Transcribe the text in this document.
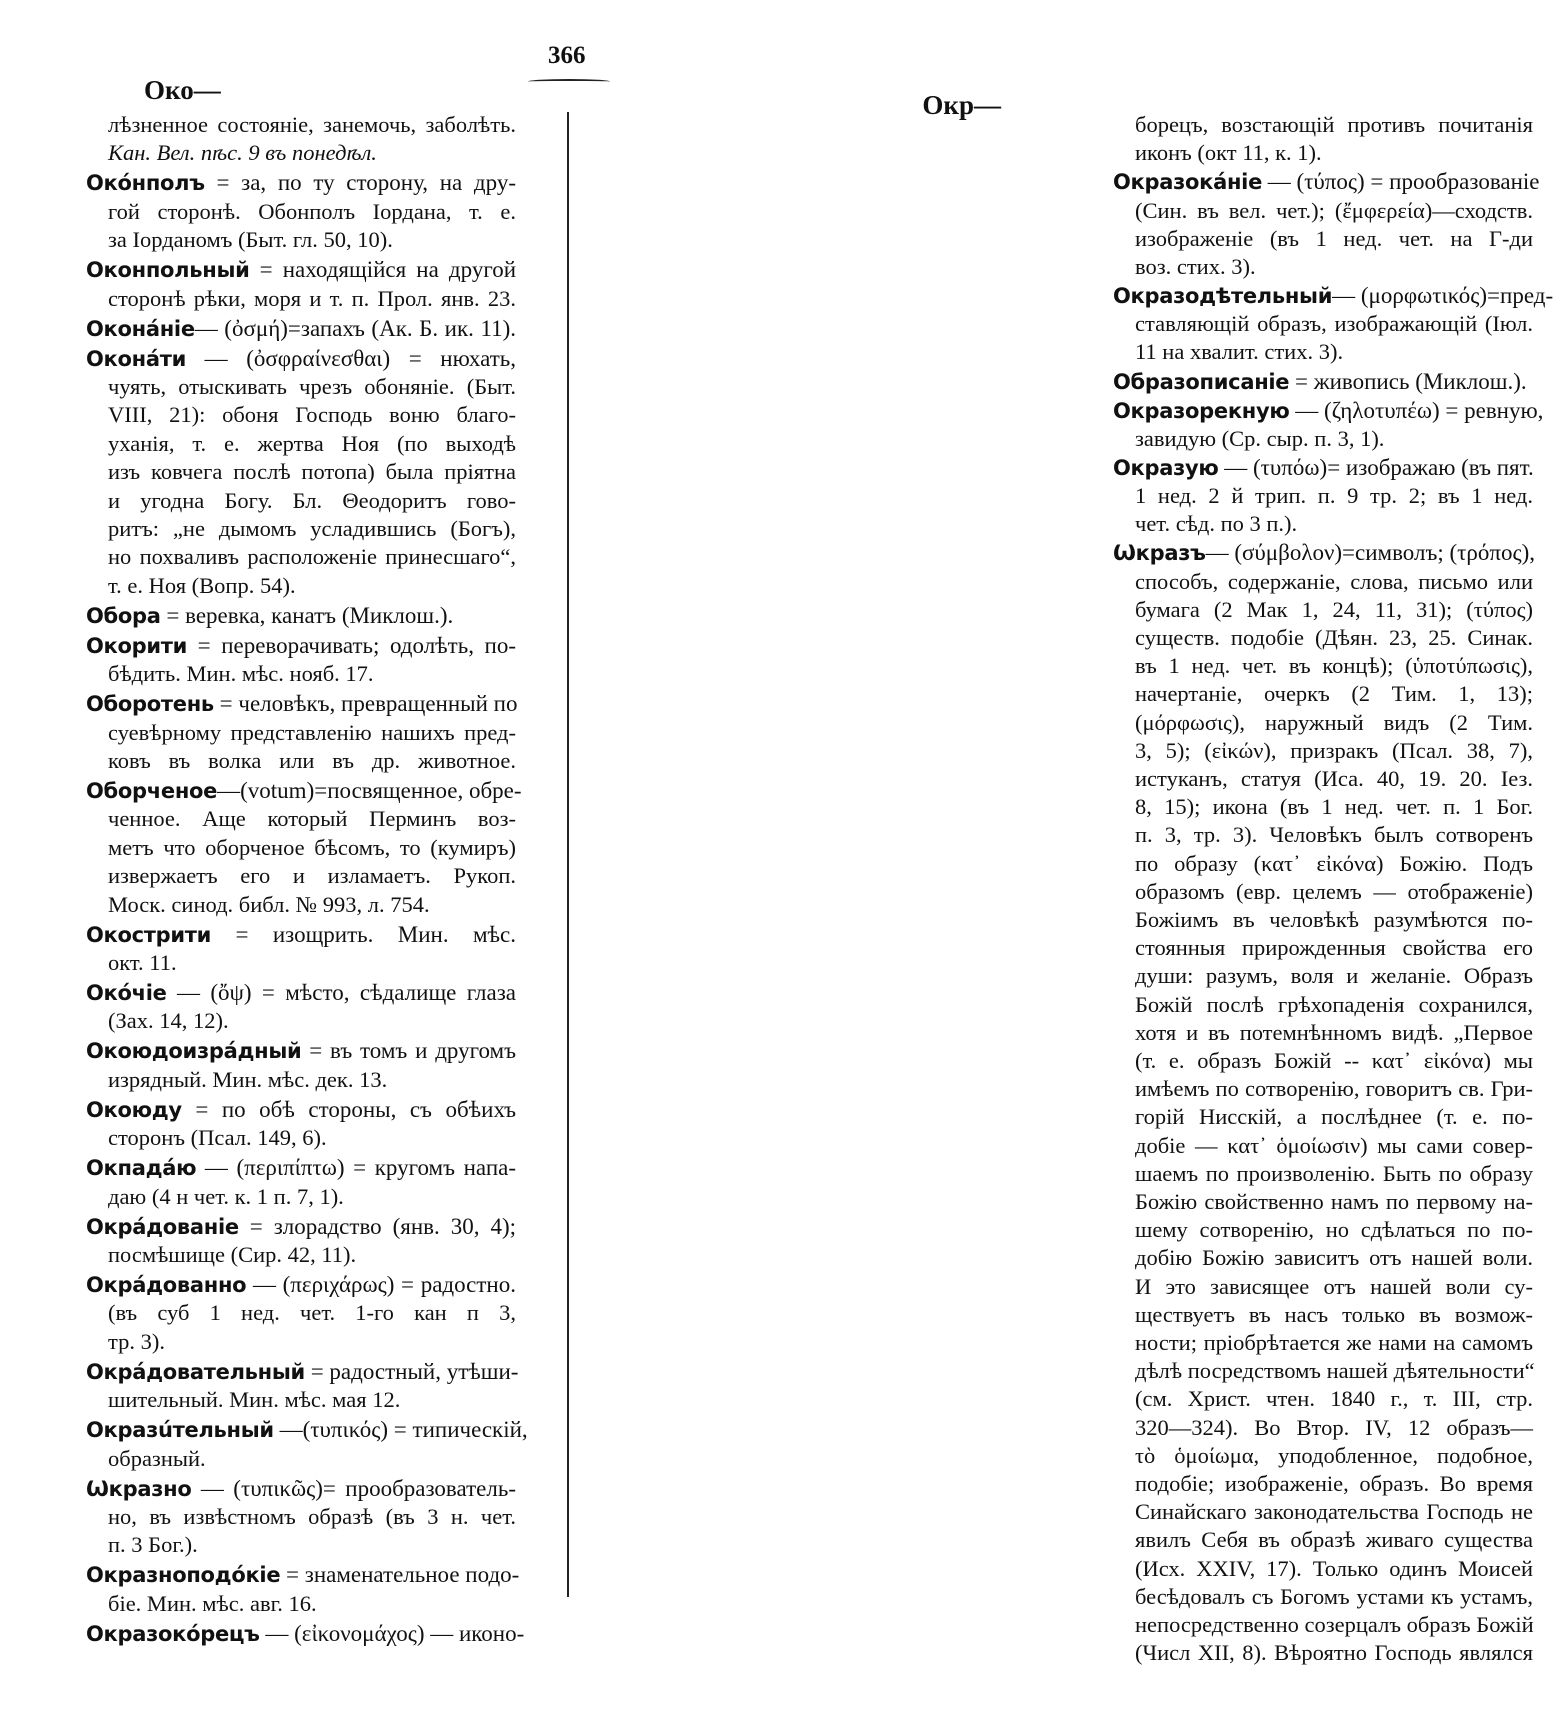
366
Око—	Окр—
лѣзненное состояніе, занемочь, заболѣть.
Кан. Вел. пѣс. 9 въ понедѣл.
Окóнполъ = за, по ту сторону, на дру-
гой сторонѣ. Обонполъ Іордана, т. е.
за Іорданомъ (Быт. гл. 50, 10).
Оконпольный = находящійся на другой
сторонѣ рѣки, моря и т. п. Прол. янв. 23.
Оконáніе— (ὀσμή)=запахъ (Ак. Б. ик. 11).
Оконáти — (ὀσφραίνεσθαι) = нюхать,
чуять, отыскивать чрезъ обоняніе. (Быт.
VIII, 21): обоня Господь воню благо-
уханія, т. е. жертва Ноя (по выходѣ
изъ ковчега послѣ потопа) была пріятна
и угодна Богу. Бл. Θеодоритъ гово-
ритъ: „не дымомъ усладившись (Богъ),
но похваливъ расположеніе принесшаго“,
т. е. Ноя (Вопр. 54).
Обора = веревка, канатъ (Миклош.).
Окорити = переворачивать; одолѣть, по-
бѣдить. Мин. мѣс. нояб. 17.
Оборотень = человѣкъ, превращенный по
суевѣрному представленію нашихъ пред-
ковъ въ волка или въ др. животное.
Оборченое—(votum)=посвященное, обре-
ченное. Аще который Перминъ воз-
метъ что оборченое бѣсомъ, то (кумиръ)
извержаетъ его и изламаетъ. Рукоп.
Моск. синод. библ. № 993, л. 754.
Окострити = изощрить. Мин. мѣс.
окт. 11.
Окóчіе — (ὄψ) = мѣсто, сѣдалище глаза
(Зах. 14, 12).
Окоюдоизрáдный = въ томъ и другомъ
изрядный. Мин. мѣс. дек. 13.
Окоюду = по обѣ стороны, съ обѣихъ
сторонъ (Псал. 149, 6).
Окпадáю — (περιπίπτω) = кругомъ напа-
даю (4 н чет. к. 1 п. 7, 1).
Окрáдованіе = злорадство (янв. 30, 4);
посмѣшище (Сир. 42, 11).
Окрáдованно — (περιχάρως) = радостно.
(въ суб 1 нед. чет. 1-го кан п 3,
тр. 3).
Окрáдовательный = радостный, утѣши-
шительный. Мин. мѣс. мая 12.
Окразúтельный —(τυπικός) = типическій,
образный.
Ѡкразно — (τυπικῶς)= прообразователь-
но, въ извѣстномъ образѣ (въ 3 н. чет.
п. 3 Бог.).
Окразноподóкіе = знаменательное подо-
біе. Мин. мѣс. авг. 16.
Окразокóрецъ — (εἰκονομάχος) — иконо-
борецъ, возстающій противъ почитанія
иконъ (окт 11, к. 1).
Окразокáніе — (τύπος) = прообразованіе
(Син. въ вел. чет.); (ἔμφερεία)—сходств.
изображеніе (въ 1 нед. чет. на Г-ди
воз. стих. 3).
Окразодѣтельный— (μορφωτικός)=пред-
ставляющій образъ, изображающій (Іюл.
11 на хвалит. стих. 3).
Образописаніе = живопись (Миклош.).
Окразорекную — (ζηλοτυπέω) = ревную,
завидую (Ср. сыр. п. 3, 1).
Окразую — (τυπόω)= изображаю (въ пят.
1 нед. 2 й трип. п. 9 тр. 2; въ 1 нед.
чет. сѣд. по 3 п.).
Ѡкразъ— (σύμβολον)=символъ; (τρόπος),
способъ, содержаніе, слова, письмо или
бумага (2 Мак 1, 24, 11, 31); (τύπος)
существ. подобіе (Дѣян. 23, 25. Синак.
въ 1 нед. чет. въ концѣ); (ὑποτύπωσις),
начертаніе, очеркъ (2 Тим. 1, 13);
(μόρφωσις), наружный видъ (2 Тим.
3, 5); (εἰκών), призракъ (Псал. 38, 7),
истуканъ, статуя (Иса. 40, 19. 20. Іез.
8, 15); икона (въ 1 нед. чет. п. 1 Бог.
п. 3, тр. 3). Человѣкъ былъ сотворенъ
по образу (κατ᾽ εἰκόνα) Божію. Подъ
образомъ (евр. целемъ — отображеніе)
Божіимъ въ человѣкѣ разумѣются по-
стоянныя прирожденныя свойства его
души: разумъ, воля и желаніе. Образъ
Божій послѣ грѣхопаденія сохранился,
хотя и въ потемнѣнномъ видѣ. „Первое
(т. е. образъ Божій -- κατ᾽ εἰκόνα) мы
имѣемъ по сотворенію, говоритъ св. Гри-
горій Нисскій, а послѣднее (т. е. по-
добіе — κατ᾽ ὁμοίωσιν) мы сами совер-
шаемъ по произволенію. Быть по образу
Божію свойственно намъ по первому на-
шему сотворенію, но сдѣлаться по по-
добію Божію зависитъ отъ нашей воли.
И это зависящее отъ нашей воли су-
ществуетъ въ насъ только въ возмож-
ности; пріобрѣтается же нами на самомъ
дѣлѣ посредствомъ нашей дѣятельности“
(см. Христ. чтен. 1840 г., т. III, стр.
320—324). Во Втор. IV, 12 образъ—
τὸ ὁμοίωμα, уподобленное, подобное,
подобіе; изображеніе, образъ. Во время
Синайскаго законодательства Господь не
явилъ Себя въ образѣ живаго существа
(Исх. XXIV, 17). Только одинъ Моисей
бесѣдовалъ съ Богомъ устами къ устамъ,
непосредственно созерцалъ образъ Божій
(Числ XII, 8). Вѣроятно Господь являлся
